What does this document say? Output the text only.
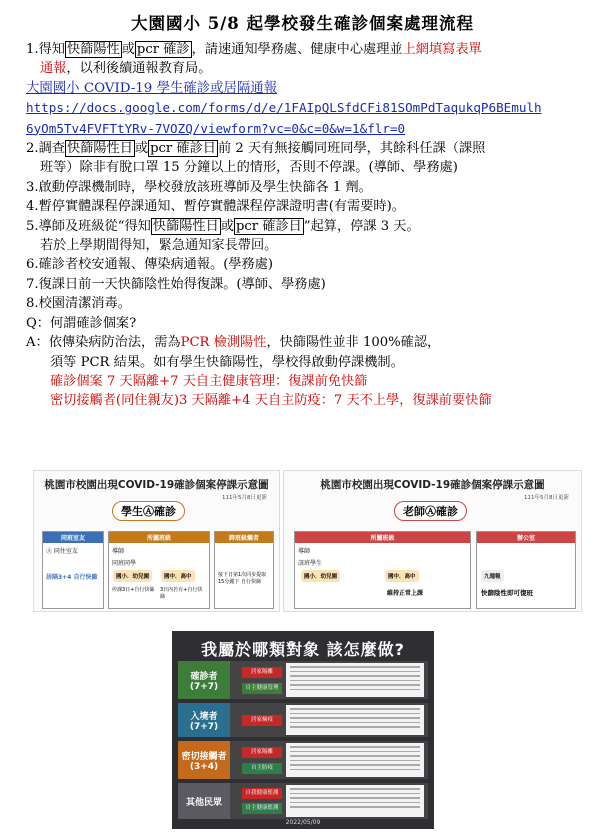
大園國小 5/8 起學校發生確診個案處理流程
1.得知 快篩陽性 或 pcr 確診 ，請速通知學務處、健康中心處理並上網填寫表單
通報，以利後續通報教育局。
大園國小 COVID-19 學生確診或居隔通報
https://docs.google.com/forms/d/e/1FAIpQLSfdCFi81SOmPdTaqukqP6BEmulh
6yOm5Tv4FVFTtYRv-7VOZQ/viewform?vc=0&c=0&w=1&flr=0
2.調查 快篩陽性日 或 pcr 確診日 前 2 天有無接觸同班同學，其餘科任課（課照
班等）除非有脫口罩 15 分鐘以上的情形，否則不停課。(導師、學務處)
3.啟動停課機制時，學校發放該班導師及學生快篩各 1 劑。
4.暫停實體課程停課通知、暫停實體課程停課證明書(有需要時)。
5.導師及班級從“得知 快篩陽性日 或 pcr 確診日 ”起算，停課 3 天。
若於上學期間得知，緊急通知家長帶回。
6.確診者校安通報、傳染病通報。(學務處)
7.復課日前一天快篩陰性始得復課。(導師、學務處)
8.校園清潔消毒。
Q：何謂確診個案?
A：依傳染病防治法，需為PCR 檢測陽性，快篩陽性並非 100%確認，
須等 PCR 結果。如有學生快篩陽性，學校得啟動停課機制。
確診個案 7 天隔離+7 天自主健康管理：復課前免快篩
密切接觸者(同住親友)3 天隔離+4 天自主防疫：7 天不上學，復課前要快篩
桃園市校園出現COVID-19確診個案停課示意圖
學生Ⓐ確診
111年5月8日更新
同班室友
Ⓐ 同住室友
居隔3+4 自行快篩
所屬班級
導師
同班同學
國小．幼兒園	國中．高中
停課3日+自行快篩	3日內若有+自行快篩
跨班級觸者
接下日第1次同步提取15分鐘下 自行快篩
桃園市校園出現COVID-19確診個案停課示意圖
老師Ⓐ確診
111年5月8日更新
所屬班級
導師
該班學生
國小．幼兒園	國中．高中
維持正常上課
辦公室
九週報
快篩陰性即可復班
我屬於哪類對象 該怎麼做?
確診者 (7+7)
居家隔離
自主健康管理
入境者 (7+7)
居家檢疫
密切接觸者 (3+4)
居家隔離
自主防疫
其他民眾
自我健康監測
自主健康監測
2022/05/09
